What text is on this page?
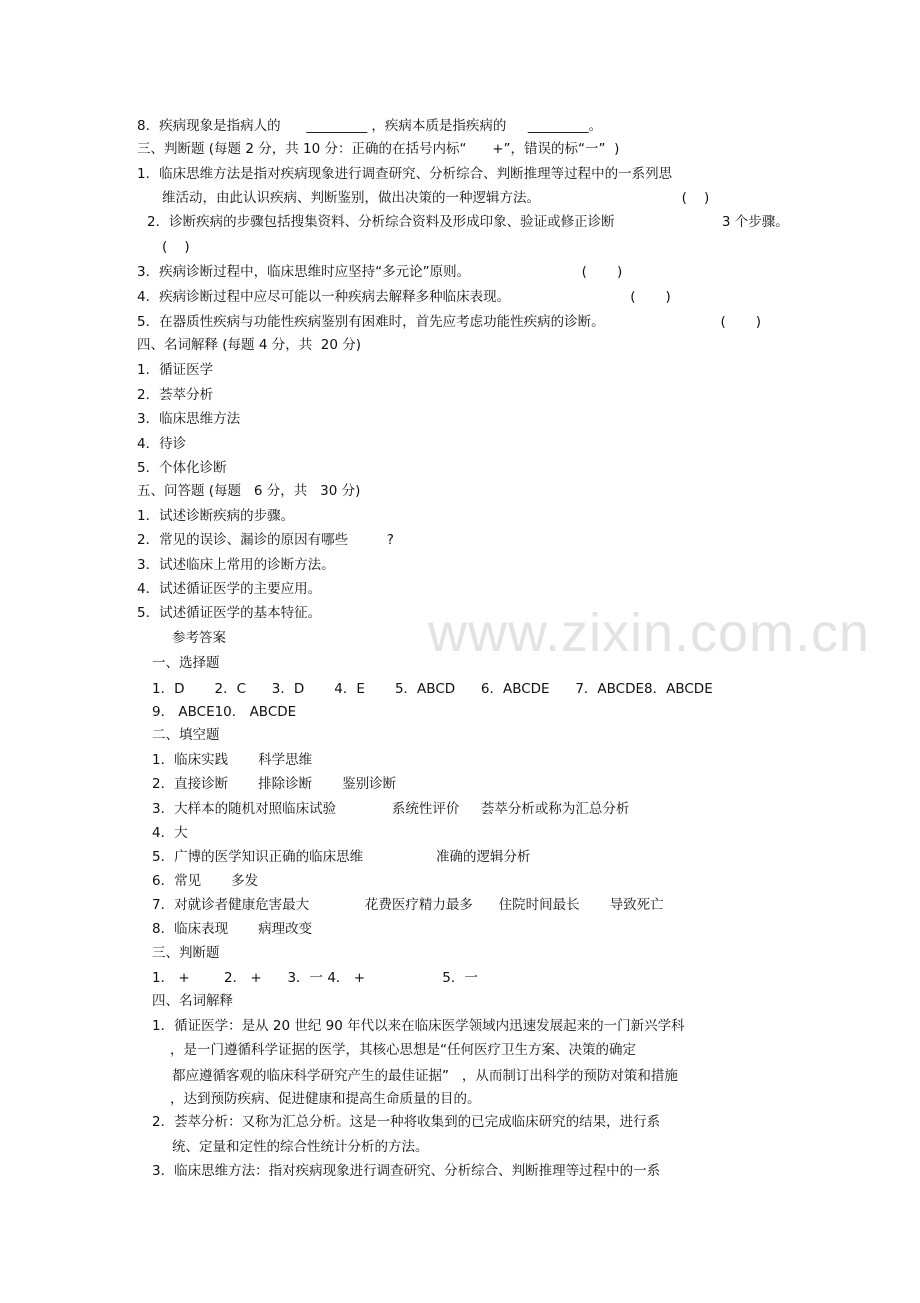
www.zixin.com.cn
8．疾病现象是指病人的      _________ ，疾病本质是指疾病的     _________。
三、判断题 (每题 2 分，共 10 分：正确的在括号内标“      +”，错误的标“一”  )
1．临床思维方法是指对疾病现象进行调查研究、分析综合、判断推理等过程中的一系列思
维活动，由此认识疾病、判断鉴别，做出决策的一种逻辑方法。                                 (    )
2．诊断疾病的步骤包括搜集资料、分析综合资料及形成印象、验证或修正诊断                         3 个步骤。
(    )
3．疾病诊断过程中，临床思维时应坚持“多元论”原则。                          (       )
4．疾病诊断过程中应尽可能以一种疾病去解释多种临床表现。                            (       )
5．在器质性疾病与功能性疾病鉴别有困难时，首先应考虑功能性疾病的诊断。                           (       )
四、名词解释 (每题 4 分，共  20 分)
1．循证医学
2．荟萃分析
3．临床思维方法
4．待诊
5．个体化诊断
五、问答题 (每题   6 分，共   30 分)
1．试述诊断疾病的步骤。
2．常见的误诊、漏诊的原因有哪些         ?
3．试述临床上常用的诊断方法。
4．试述循证医学的主要应用。
5．试述循证医学的基本特征。
参考答案
一、选择题
1．D       2．C      3．D       4．E       5．ABCD      6．ABCDE      7．ABCDE8．ABCDE
9． ABCE10． ABCDE
二、填空题
1．临床实践       科学思维
2．直接诊断       排除诊断       鉴别诊断
3．大样本的随机对照临床试验             系统性评价     荟萃分析或称为汇总分析
4．大
5．广博的医学知识正确的临床思维                 准确的逻辑分析
6．常见       多发
7．对就诊者健康危害最大             花费医疗精力最多      住院时间最长       导致死亡
8．临床表现       病理改变
三、判断题
1． +        2． +      3．一 4． +                  5．一
四、名词解释
1．循证医学：是从 20 世纪 90 年代以来在临床医学领域内迅速发展起来的一门新兴学科
，是一门遵循科学证据的医学，其核心思想是“任何医疗卫生方案、决策的确定
都应遵循客观的临床科学研究产生的最佳证据”   ，从而制订出科学的预防对策和措施
，达到预防疾病、促进健康和提高生命质量的目的。
2．荟萃分析：又称为汇总分析。这是一种将收集到的已完成临床研究的结果，进行系
统、定量和定性的综合性统计分析的方法。
3．临床思维方法：指对疾病现象进行调查研究、分析综合、判断推理等过程中的一系
